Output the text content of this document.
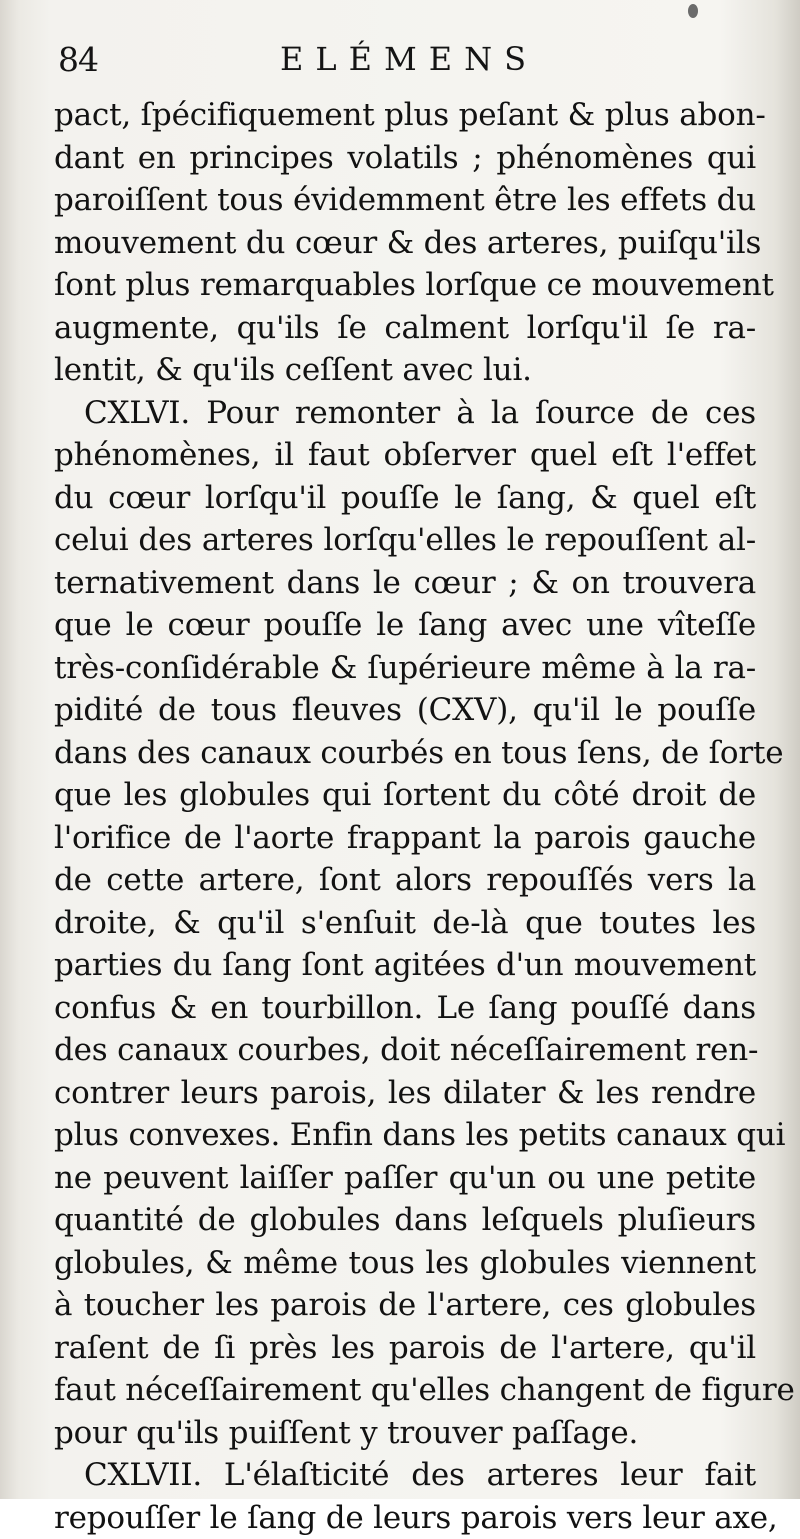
84	ELÉMENS
pact, ſpécifiquement plus peſant & plus abon-
dant en principes volatils ; phénomènes qui
paroiſſent tous évidemment être les effets du
mouvement du cœur & des arteres, puiſqu'ils
ſont plus remarquables lorſque ce mouvement
augmente, qu'ils ſe calment lorſqu'il ſe ra-
lentit, & qu'ils ceſſent avec lui.
CXLVI. Pour remonter à la ſource de ces
phénomènes, il faut obſerver quel eſt l'effet
du cœur lorſqu'il pouſſe le ſang, & quel eſt
celui des arteres lorſqu'elles le repouſſent al-
ternativement dans le cœur ; & on trouvera
que le cœur pouſſe le ſang avec une vîteſſe
très-conſidérable & ſupérieure même à la ra-
pidité de tous fleuves (CXV), qu'il le pouſſe
dans des canaux courbés en tous ſens, de ſorte
que les globules qui ſortent du côté droit de
l'orifice de l'aorte frappant la parois gauche
de cette artere, ſont alors repouſſés vers la
droite, & qu'il s'enſuit de-là que toutes les
parties du ſang ſont agitées d'un mouvement
confus & en tourbillon. Le ſang pouſſé dans
des canaux courbes, doit néceſſairement ren-
contrer leurs parois, les dilater & les rendre
plus convexes. Enfin dans les petits canaux qui
ne peuvent laiſſer paſſer qu'un ou une petite
quantité de globules dans leſquels pluſieurs
globules, & même tous les globules viennent
à toucher les parois de l'artere, ces globules
raſent de ſi près les parois de l'artere, qu'il
faut néceſſairement qu'elles changent de figure
pour qu'ils puiſſent y trouver paſſage.
CXLVII. L'élaſticité des arteres leur fait
repouſſer le ſang de leurs parois vers leur axe,
